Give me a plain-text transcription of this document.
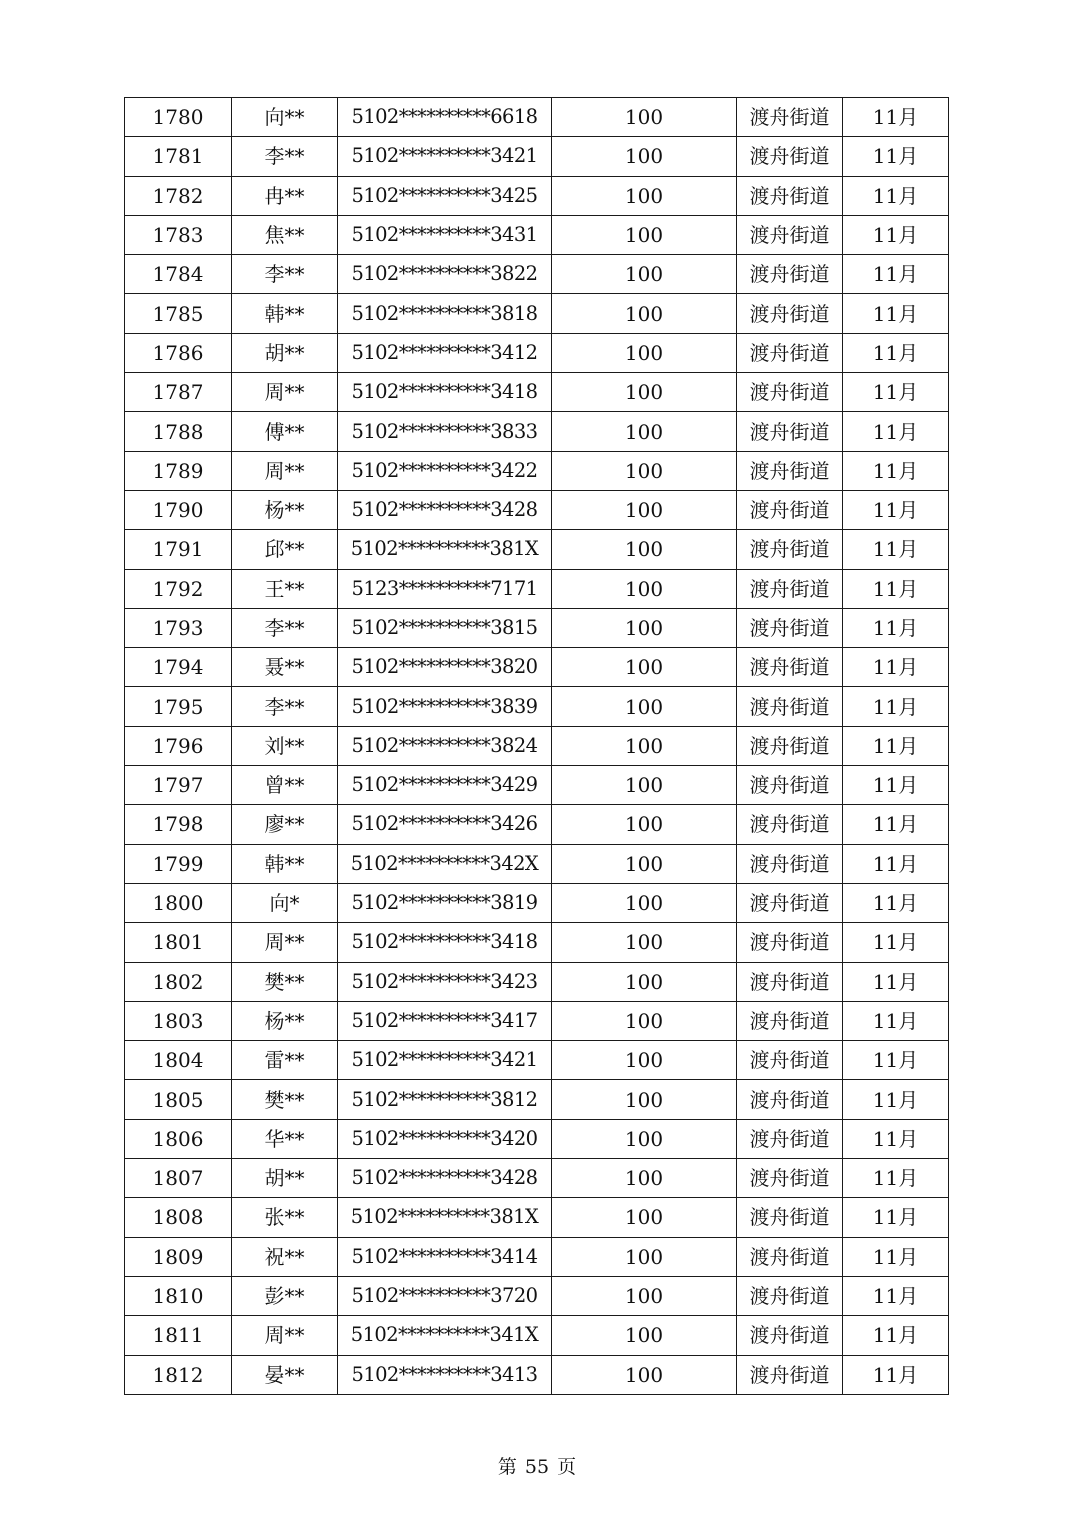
1780	向**	5102**********6618	100	渡舟街道	11月
1781	李**	5102**********3421	100	渡舟街道	11月
1782	冉**	5102**********3425	100	渡舟街道	11月
1783	焦**	5102**********3431	100	渡舟街道	11月
1784	李**	5102**********3822	100	渡舟街道	11月
1785	韩**	5102**********3818	100	渡舟街道	11月
1786	胡**	5102**********3412	100	渡舟街道	11月
1787	周**	5102**********3418	100	渡舟街道	11月
1788	傅**	5102**********3833	100	渡舟街道	11月
1789	周**	5102**********3422	100	渡舟街道	11月
1790	杨**	5102**********3428	100	渡舟街道	11月
1791	邱**	5102**********381X	100	渡舟街道	11月
1792	王**	5123**********7171	100	渡舟街道	11月
1793	李**	5102**********3815	100	渡舟街道	11月
1794	聂**	5102**********3820	100	渡舟街道	11月
1795	李**	5102**********3839	100	渡舟街道	11月
1796	刘**	5102**********3824	100	渡舟街道	11月
1797	曾**	5102**********3429	100	渡舟街道	11月
1798	廖**	5102**********3426	100	渡舟街道	11月
1799	韩**	5102**********342X	100	渡舟街道	11月
1800	向*	5102**********3819	100	渡舟街道	11月
1801	周**	5102**********3418	100	渡舟街道	11月
1802	樊**	5102**********3423	100	渡舟街道	11月
1803	杨**	5102**********3417	100	渡舟街道	11月
1804	雷**	5102**********3421	100	渡舟街道	11月
1805	樊**	5102**********3812	100	渡舟街道	11月
1806	华**	5102**********3420	100	渡舟街道	11月
1807	胡**	5102**********3428	100	渡舟街道	11月
1808	张**	5102**********381X	100	渡舟街道	11月
1809	祝**	5102**********3414	100	渡舟街道	11月
1810	彭**	5102**********3720	100	渡舟街道	11月
1811	周**	5102**********341X	100	渡舟街道	11月
1812	晏**	5102**********3413	100	渡舟街道	11月
第 55 页
